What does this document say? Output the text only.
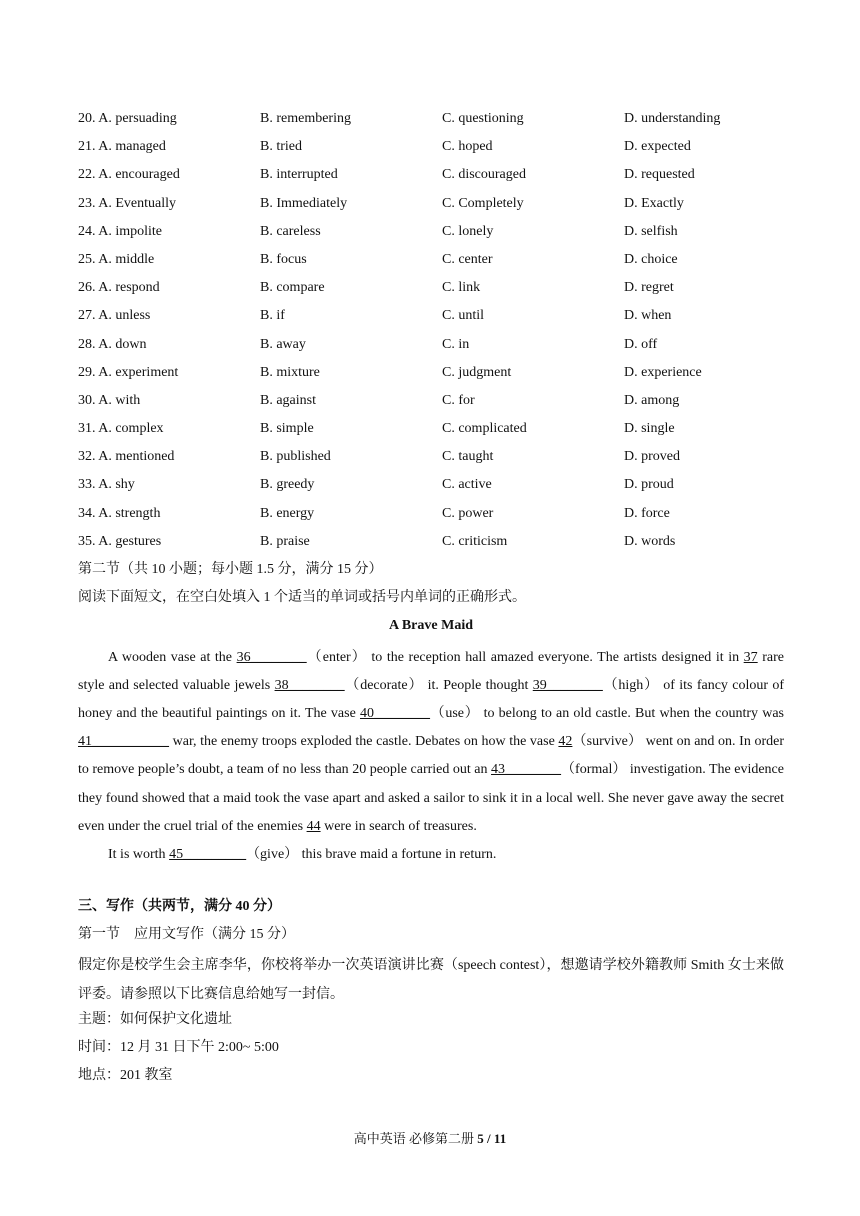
20. A. persuading	B. remembering	C. questioning	D. understanding
21. A. managed	B. tried	C. hoped	D. expected
22. A. encouraged	B. interrupted	C. discouraged	D. requested
23. A. Eventually	B. Immediately	C. Completely	D. Exactly
24. A. impolite	B. careless	C. lonely	D. selfish
25. A. middle	B. focus	C. center	D. choice
26. A. respond	B. compare	C. link	D. regret
27. A. unless	B. if	C. until	D. when
28. A. down	B. away	C. in	D. off
29. A. experiment	B. mixture	C. judgment	D. experience
30. A. with	B. against	C. for	D. among
31. A. complex	B. simple	C. complicated	D. single
32. A. mentioned	B. published	C. taught	D. proved
33. A. shy	B. greedy	C. active	D. proud
34. A. strength	B. energy	C. power	D. force
35. A. gestures	B. praise	C. criticism	D. words
第二节（共 10 小题；每小题 1.5 分，满分 15 分）
阅读下面短文，在空白处填入 1 个适当的单词或括号内单词的正确形式。
A Brave Maid
A wooden vase at the 36________（enter） to the reception hall amazed everyone. The artists designed it in 37 rare style and selected valuable jewels 38________（decorate） it. People thought 39________（high） of its fancy colour of honey and the beautiful paintings on it. The vase 40________（use） to belong to an old castle. But when the country was 41___________ war, the enemy troops exploded the castle. Debates on how the vase 42（survive） went on and on. In order to remove people’s doubt, a team of no less than 20 people carried out an 43________（formal） investigation. The evidence they found showed that a maid took the vase apart and asked a sailor to sink it in a local well. She never gave away the secret even under the cruel trial of the enemies 44 were in search of treasures.
It is worth 45_________（give） this brave maid a fortune in return.
三、写作（共两节，满分 40 分）
第一节　应用文写作（满分 15 分）
假定你是校学生会主席李华，你校将举办一次英语演讲比赛（speech contest），想邀请学校外籍教师 Smith 女士来做评委。请参照以下比赛信息给她写一封信。
主题：如何保护文化遗址
时间：12 月 31 日下午 2:00~ 5:00
地点：201 教室
高中英语 必修第二册 5 / 11
